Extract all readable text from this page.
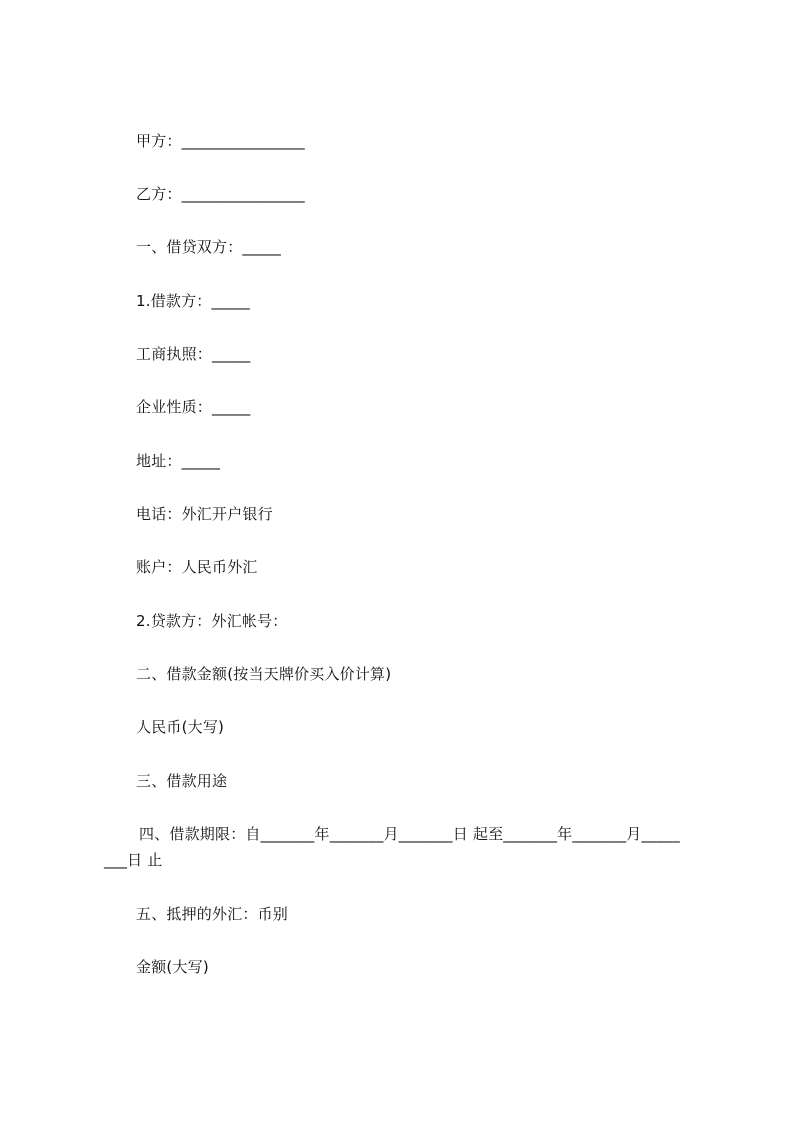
甲方：________________
乙方：________________
一、借贷双方：_____
1.借款方：_____
工商执照：_____
企业性质：_____
地址：_____
电话：外汇开户银行
账户：人民币外汇
2.贷款方：外汇帐号：
二、借款金额(按当天牌价买入价计算)
人民币(大写)
三、借款用途
四、借款期限：自_______年_______月_______日 起至_______年_______月_____
___日 止
五、抵押的外汇：币别
金额(大写)
